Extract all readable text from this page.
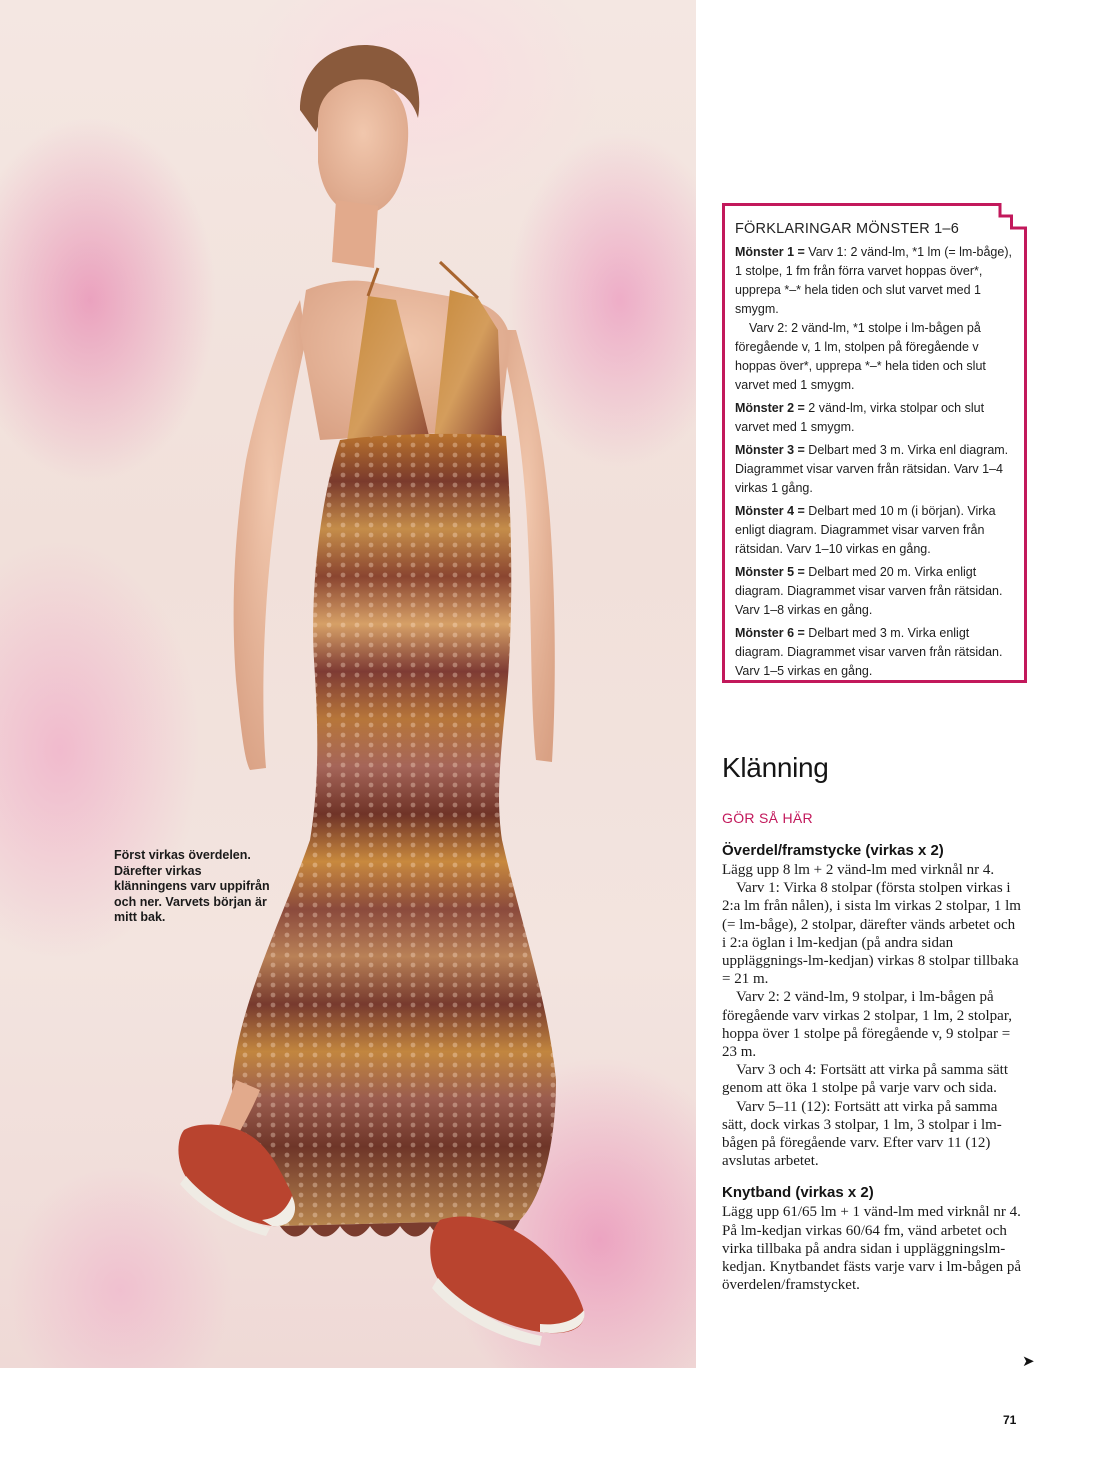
Först virkas överdelen. Därefter virkas klänningens varv uppifrån och ner. Varvets början är mitt bak.

FÖRKLARINGAR MÖNSTER 1–6

Mönster 1 = Varv 1: 2 vänd-lm, *1 lm (= lm-båge), 1 stolpe, 1 fm från förra varvet hoppas över*, upprepa *–* hela tiden och slut varvet med 1 smygm.
Varv 2: 2 vänd-lm, *1 stolpe i lm-bågen på föregående v, 1 lm, stolpen på föregående v hoppas över*, upprepa *–* hela tiden och slut varvet med 1 smygm.

Mönster 2 = 2 vänd-lm, virka stolpar och slut varvet med 1 smygm.

Mönster 3 = Delbart med 3 m. Virka enl diagram. Diagrammet visar varven från rätsidan. Varv 1–4 virkas 1 gång.

Mönster 4 = Delbart med 10 m (i början). Virka enligt diagram. Diagrammet visar varven från rätsidan. Varv 1–10 virkas en gång.

Mönster 5 = Delbart med 20 m. Virka enligt diagram. Diagrammet visar varven från rätsidan. Varv 1–8 virkas en gång.

Mönster 6 = Delbart med 3 m. Virka enligt diagram. Diagrammet visar varven från rätsidan. Varv 1–5 virkas en gång.

Klänning
GÖR SÅ HÄR
Överdel/framstycke (virkas x 2)

Lägg upp 8 lm + 2 vänd-lm med virknål nr 4.

Varv 1: Virka 8 stolpar (första stolpen virkas i 2:a lm från nålen), i sista lm virkas 2 stolpar, 1 lm (= lm-båge), 2 stolpar, därefter vänds arbetet och i 2:a öglan i lm-kedjan (på andra sidan uppläggnings-lm-kedjan) virkas 8 stolpar tillbaka = 21 m.

Varv 2: 2 vänd-lm, 9 stolpar, i lm-bågen på föregående varv virkas 2 stolpar, 1 lm, 2 stolpar, hoppa över 1 stolpe på föregående v, 9 stolpar = 23 m.

Varv 3 och 4: Fortsätt att virka på samma sätt genom att öka 1 stolpe på varje varv och sida.

Varv 5–11 (12): Fortsätt att virka på samma sätt, dock virkas 3 stolpar, 1 lm, 3 stolpar i lm-bågen på föregående varv. Efter varv 11 (12) avslutas arbetet.

Knytband (virkas x 2)

Lägg upp 61/65 lm + 1 vänd-lm med virknål nr 4. På lm-kedjan virkas 60/64 fm, vänd arbetet och virka tillbaka på andra sidan i uppläggningslm-kedjan. Knytbandet fästs varje varv i lm-bågen på överdelen/framstycket.

➤
71
